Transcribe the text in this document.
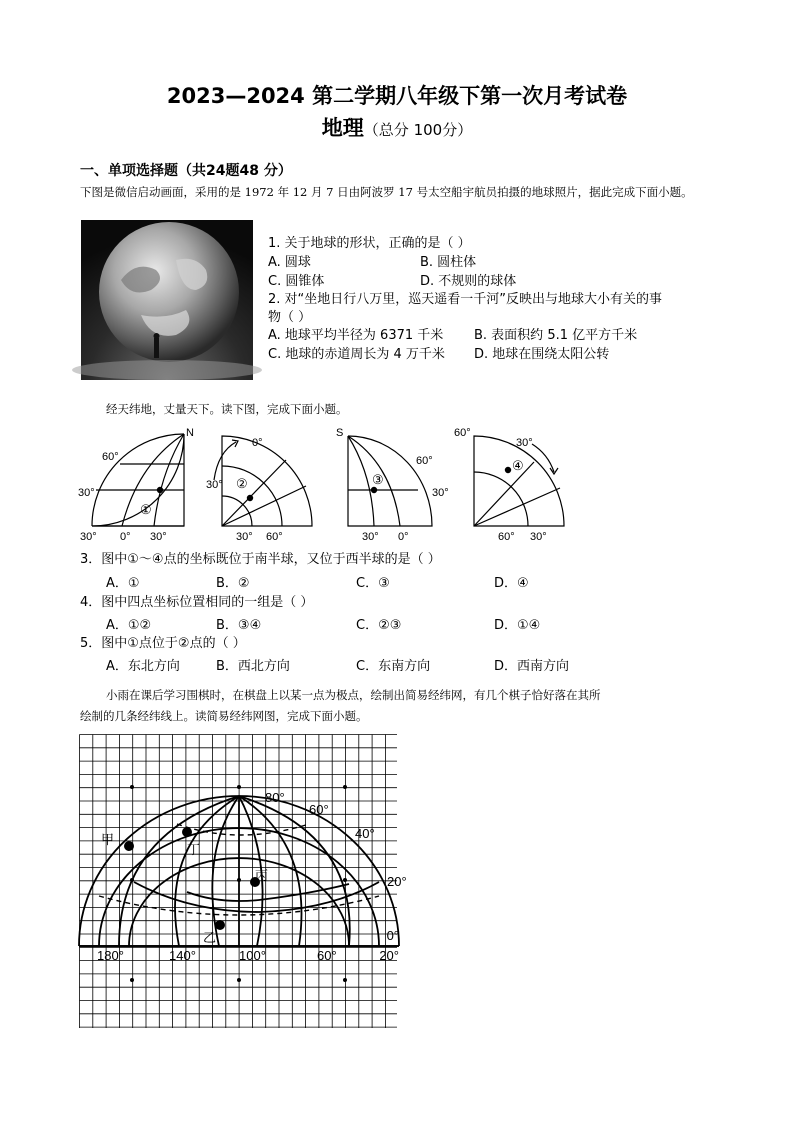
2023—2024 第二学期八年级下第一次月考试卷
地理（总分 100分）
一、单项选择题（共24题48 分）
下图是微信启动画面，采用的是 1972 年 12 月 7 日由阿波罗 17 号太空船宇航员拍摄的地球照片，据此完成下面小题。
1. 关于地球的形状，正确的是（ ）
A. 圆球	B. 圆柱体
C. 圆锥体	D. 不规则的球体
2. 对“坐地日行八万里，巡天遥看一千河”反映出与地球大小有关的事
物（ ）
A. 地球平均半径为 6371 千米 B. 表面积约 5.1 亿平方千米
C. 地球的赤道周长为 4 万千米 D. 地球在围绕太阳公转
经天纬地，丈量天下。读下图，完成下面小题。
N
60°
30°
30° 0° 30°
①
0°
30°
30° 60°
②
S
60°
30°
30° 0°
③
60°
30°
60° 30°
④
3．图中①～④点的坐标既位于南半球，又位于西半球的是（ ）
A．①	B．②	C．③	D．④
4．图中四点坐标位置相同的一组是（ ）
A．①②	B．③④	C．②③	D．①④
5．图中①点位于②点的（ ）
A．东北方向	B．西北方向	C．东南方向	D．西南方向
小雨在课后学习围棋时，在棋盘上以某一点为极点，绘制出简易经纬网，有几个棋子恰好落在其所
绘制的几条经纬线上。读简易经纬网图，完成下面小题。
80°
60°
40°
20°
0°
180°	140°	100°	60°	20°
甲
丁
丙
乙
